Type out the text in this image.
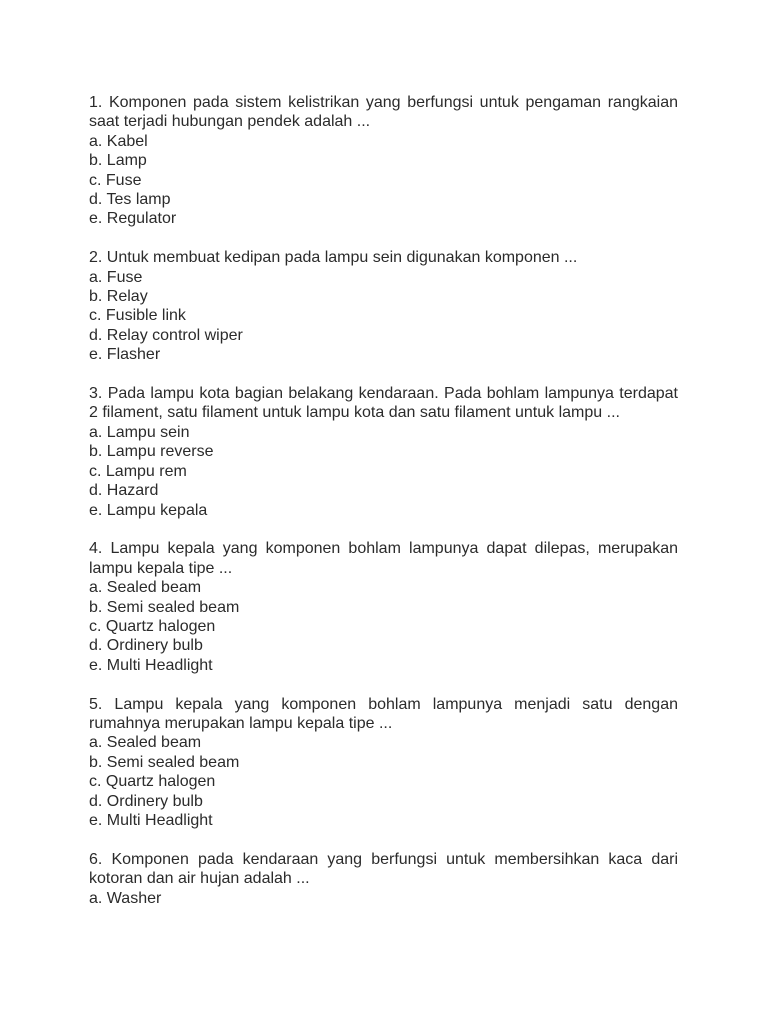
1. Komponen pada sistem kelistrikan yang berfungsi untuk pengaman rangkaian saat terjadi hubungan pendek adalah ...

a. Kabel

b. Lamp

c. Fuse

d. Tes lamp

e. Regulator

2. Untuk membuat kedipan pada lampu sein digunakan komponen ...

a. Fuse

b. Relay

c. Fusible link

d. Relay control wiper

e. Flasher

3. Pada lampu kota bagian belakang kendaraan. Pada bohlam lampunya terdapat 2 filament, satu filament untuk lampu kota dan satu filament untuk lampu ...

a. Lampu sein

b. Lampu reverse

c. Lampu rem

d. Hazard

e. Lampu kepala

4. Lampu kepala yang komponen bohlam lampunya dapat dilepas, merupakan lampu kepala tipe ...

a. Sealed beam

b. Semi sealed beam

c. Quartz halogen

d. Ordinery bulb

e. Multi Headlight

5. Lampu kepala yang komponen bohlam lampunya menjadi satu dengan rumahnya merupakan lampu kepala tipe ...

a. Sealed beam

b. Semi sealed beam

c. Quartz halogen

d. Ordinery bulb

e. Multi Headlight

6. Komponen pada kendaraan yang berfungsi untuk membersihkan kaca dari kotoran dan air hujan adalah ...

a. Washer
